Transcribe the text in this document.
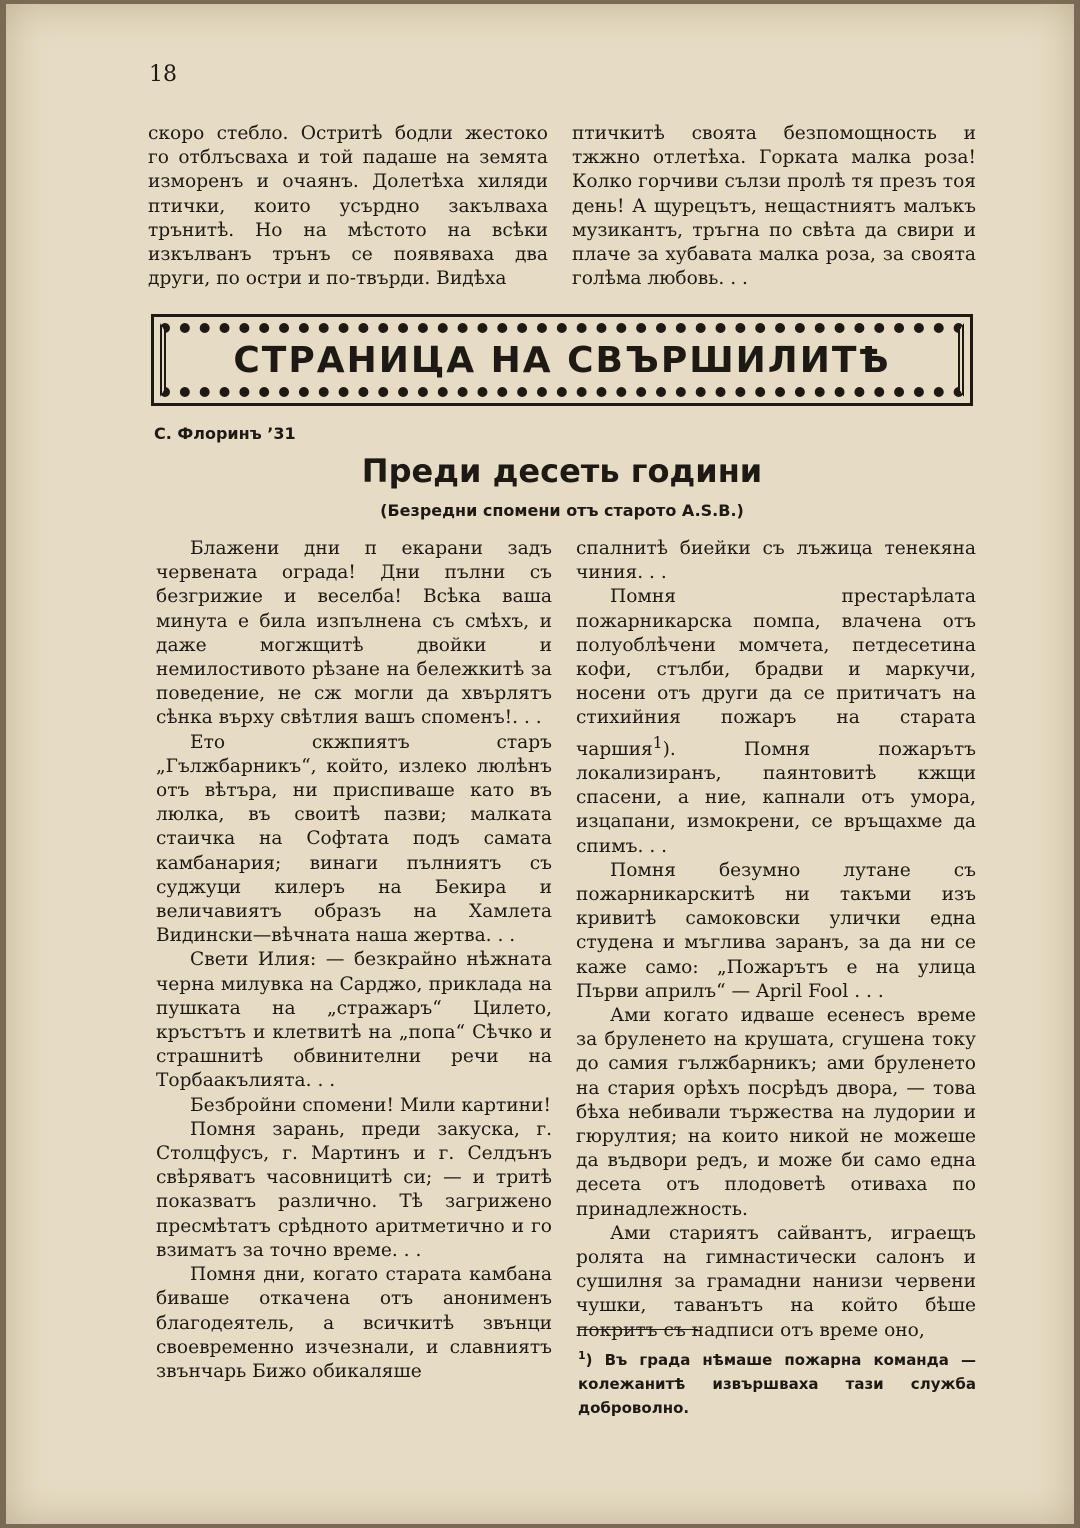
18

скоро стебло. Остритѣ бодли жестоко го отблъсваха и той падаше на земята изморенъ и очаянъ. Долетѣха хиляди птички, които усърдно закълваха трънитѣ. Но на мѣстото на всѣки изкълванъ трънъ се появяваха два други, по остри и по-твърди. Видѣха

птичкитѣ своята безпомощность и тжжно отлетѣха. Горката малка роза! Колко горчиви сълзи пролѣ тя презъ тоя день! А щурецътъ, нещастниятъ малъкъ музикантъ, тръгна по свѣта да свири и плаче за хубавата малка роза, за своята голѣма любовь. . .

СТРАНИЦА НА СВЪРШИЛИТѢ
С. Флоринъ ’31
Преди десеть години
(Безредни спомени отъ старото A.S.B.)

Блажени дни п екарани задъ червената ограда! Дни пълни съ безгрижие и веселба! Всѣка ваша минута е била изпълнена съ смѣхъ, и даже могжщитѣ двойки и немилостивото рѣзане на бележкитѣ за поведение, не сж могли да хвърлятъ сѣнка върху свѣтлия вашъ споменъ!. . .

Ето скжпиятъ старъ „Гължбарникъ“, който, излеко люлѣнъ отъ вѣтъра, ни приспиваше като въ люлка, въ своитѣ пазви; малката стаичка на Софтата подъ самата камбанария; винаги пълниятъ съ суджуци килеръ на Бекира и величавиятъ образъ на Хамлета Видински—вѣчната наша жертва. . .

Свети Илия: — безкрайно нѣжната черна милувка на Сарджо, приклада на пушката на „стражаръ“ Цилето, кръстътъ и клетвитѣ на „попа“ Сѣчко и страшнитѣ обвинителни речи на Торбаакълията. . .

Безбройни спомени! Мили картини!

Помня зарань, преди закуска, г. Столцфусъ, г. Мартинъ и г. Селдънъ свѣряватъ часовницитѣ си; — и тритѣ показватъ различно. Тѣ загрижено пресмѣтатъ срѣдното аритметично и го взиматъ за точно време. . .

Помня дни, когато старата камбана биваше откачена отъ анонименъ благодеятель, а всичкитѣ звънци своевременно изчезнали, и славниятъ звънчарь Бижо обикаляше

спалнитѣ биейки съ лъжица тенекяна чиния. . .

Помня престарѣлата пожарникарска помпа, влачена отъ полуоблѣчени момчета, петдесетина кофи, стълби, брадви и маркучи, носени отъ други да се притичатъ на стихийния пожаръ на старата чаршия$^1$). Помня пожарътъ локализиранъ, паянтовитѣ кжщи спасени, а ние, капнали отъ умора, изцапани, измокрени, се връщахме да спимъ. . .

Помня безумно лутане съ пожарникарскитѣ ни такъми изъ кривитѣ самоковски улички една студена и мъглива заранъ, за да ни се каже само: „Пожарътъ е на улица Първи априлъ“ — April Fool . . .

Ами когато идваше есенесъ време за бруленето на крушата, сгушена току до самия гължбарникъ; ами бруленето на стария орѣхъ посрѣдъ двора, — това бѣха небивали тържества на лудории и гюрултия; на които никой не можеше да въдвори редъ, и може би само една десета отъ плодоветѣ отиваха по принадлежность.

Ами стариятъ сайвантъ, играещъ ролята на гимнастически салонъ и сушилня за грамадни нанизи червени чушки, таванътъ на който бѣше покритъ съ надписи отъ време оно,

$^1$) Въ града нѣмаше пожарна команда — колежанитѣ извършваха тази служба доброволно.
